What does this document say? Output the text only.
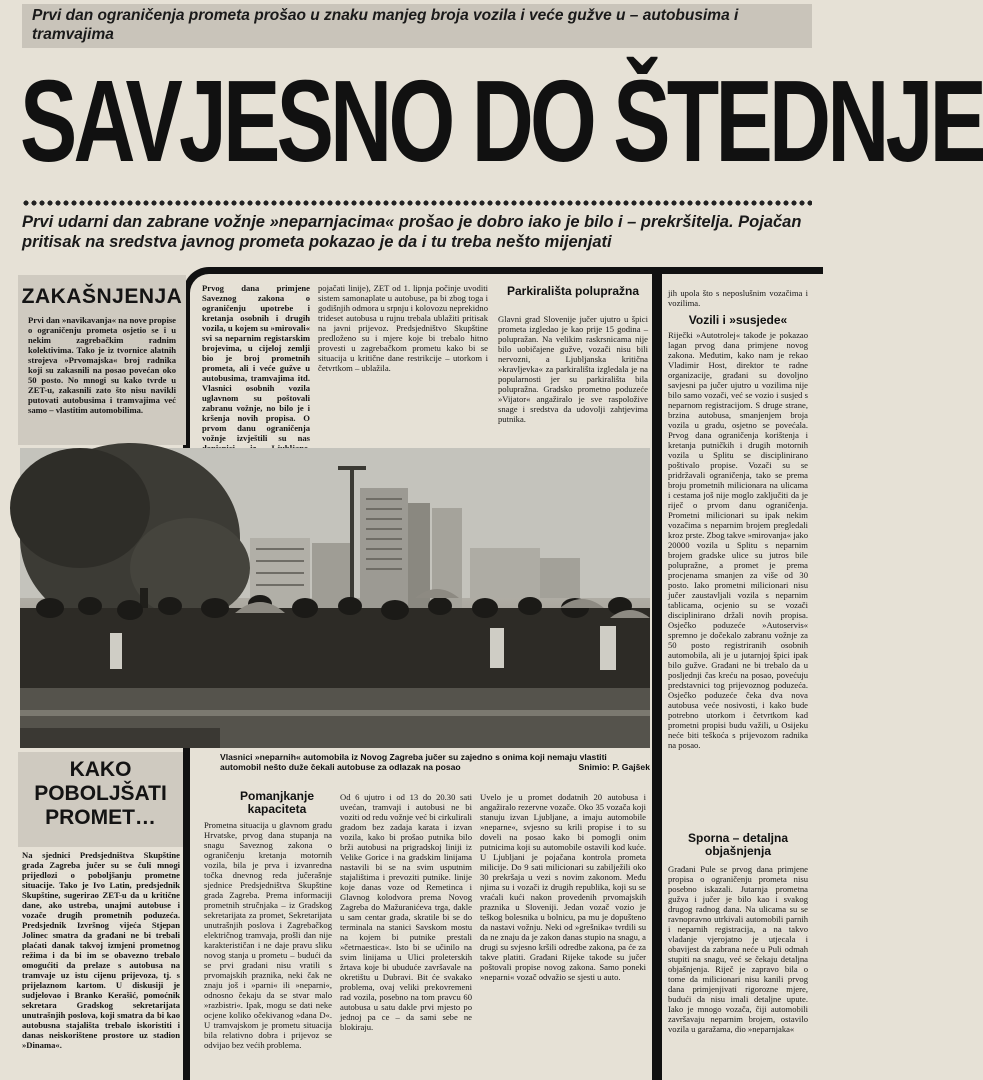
Prvi dan ograničenja prometa prošao u znaku manjeg broja vozila i veće gužve u – autobusima i tramvajima
SAVJESNO DO ŠTEDNJE
Prvi udarni dan zabrane vožnje »neparnjacima« prošao je dobro iako je bilo i – prekršitelja. Pojačan pritisak na sredstva javnog prometa pokazao je da i tu treba nešto mijenjati
ZAKAŠNJENJA
Prvi dan »navikavanja« na nove propise o ograničenju prometa osjetio se i u nekim zagrebačkim radnim kolektivima. Tako je iz tvornice alatnih strojeva »Prvomajska« broj radnika koji su zakasnili na posao povećan oko 50 posto. No mnogi su kako tvrde u ZET-u, zakasnili zato što nisu navikli putovati autobusima i tramvajima već samo – vlastitim automobilima.
Prvog dana primjene Saveznog zakona o ograničenju upotrebe i kretanja osobnih i drugih vozila, u kojem su »mirovali« svi sa neparnim registarskim brojevima, u cijeloj zemlji bio je broj prometnih prometa, ali i veće gužve u autobusima, tramvajima itd. Vlasnici osobnih vozila uglavnom su poštovali zabranu vožnje, no bilo je i kršenja novih propisa. O prvom danu ograničenja vožnje izvještili su nas
pojačati linije), ZET od 1. lipnja počinje uvoditi sistem samonaplate u autobuse, pa bi zbog toga i godišnjih odmora u srpnju i kolovozu neprekidno trideset autobusa u rujnu trebala ublažiti pritisak na javni prijevoz. Predsjedništvo Skupštine predloženo su i mjere koje bi trebalo hitno provesti u zagrebačkom prometu kako bi se situacija u kritične dane restrikcije – utorkom i četvrtkom – ublažila.
Parkirališta polupražna
Glavni grad Slovenije jučer ujutro u špici prometa izgledao je kao prije 15 godina – polupražan. Na velikim raskrsnicama nije bilo uobičajene gužve, vozači nisu bili nervozni, a Ljubljanska kritična »kravljevka« za parkirališta izgledala je na popularnosti jer su parkirališta bila polupražna. Gradsko prometno poduzeće »Vijator« angažiralo je sve raspoložive snage i sredstva da udovolji zahtjevima putnika.
jih upola što s neposlušnim vozačima i vozilima.
Vozili i »susjede«
Riječki »Autotrolej« takođe je pokazao lagan prvog dana primjene novog zakona. Međutim, kako nam je rekao Vladimir Host, direktor te radne organizacije, građani su dovoljno savjesni pa jučer ujutro u vozilima nije bilo samo vozači, već se vozio i susjed s neparnom registracijom. S druge strane, brzina autobusa, smanjenjem broja vozila u gradu, osjetno se povećala. Prvog dana ograničenja korištenja i kretanja putničkih i drugih motornih vozila u Splitu se disciplinirano poštivalo propise. Vozači su se pridržavali ograničenja, tako se prema broju prometnih milicionara na ulicama i cestama još nije moglo zaključiti da je riječ o prvom danu ograničenja. Prometni milicionari su ipak nekim vozačima s neparnim brojem pregledali kroz prste. Zbog takve »mirovanja« jako 20000 vozila u Splitu s neparnim brojem gradske ulice su jutros bile polupražne, a promet je prema procjenama smanjen za više od 30 posto. Iako prometni milicionari nisu jučer zaustavljali vozila s neparnim tablicama, ocjenio su se vozači disciplinirano držali novih propisa. Osječko poduzeće »Autoservis« spremno je dočekalo zabranu vožnje za 50 posto registriranih osobnih automobila, ali je u jutarnjoj špici ipak bilo gužve. Građani ne bi trebalo da u posljednji čas kreću na posao, povećuju predstavnici tog prijevoznog poduzeća. Osječko poduzeće čeka dva nova autobusa veće nosivosti, i kako bude potrebno utorkom i četvrtkom kad prometni propisi budu važili, u Osijeku neće biti teškoća s prijevozom radnika na posao.
Vlasnici »neparnih« automobila iz Novog Zagreba jučer su zajedno s onima koji nemaju vlastiti automobil nešto duže čekali autobuse za odlazak na posao	Snimio: P. Gajšek
KAKO POBOLJŠATI PROMET…
Na sjednici Predsjedništva Skupštine grada Zagreba jučer su se čuli mnogi prijedlozi o poboljšanju prometne situacije. Tako je Ivo Latin, predsjednik Skupštine, sugerirao ZET-u da u kritične dane, ako ustreba, unajmi autobuse i vozače drugih prometnih poduzeća. Predsjednik Izvršnog vijeća Stjepan Jolinec smatra da građani ne bi trebali plaćati danak takvoj izmjeni prometnog režima i da bi im se obavezno trebalo omogućiti da prelaze s autobusa na tramvaje uz istu cijenu prijevoza, tj. s prijelaznom kartom. U diskusiji je sudjelovao i Branko Kerašić, pomoćnik sekretara Gradskog sekretarijata unutrašnjih poslova, koji smatra da bi kao autobusna stajališta trebalo iskoristiti i danas neiskorištene prostore uz stadion »Dinama«.
Pomanjkanje kapaciteta
Prometna situacija u glavnom gradu Hrvatske, prvog dana stupanja na snagu Saveznog zakona o ograničenju kretanja motornih vozila, bila je prva i izvanredna točka dnevnog reda jučerašnje sjednice Predsjedništva Skupštine grada Zagreba. Prema informaciji prometnih stručnjaka – iz Gradskog sekretarijata za promet, Sekretarijata unutrašnjih poslova i Zagrebačkog električnog tramvaja, prošli dan nije karakterističan i ne daje pravu sliku novog stanja u prometu – budući da se prvi gradani nisu vratili s prvomajskih praznika, neki čak ne znaju još i »parni« ili »neparni«, odnosno čekaju da se stvar malo »razbistri«. Ipak, mogu se dati neke ocjene koliko očekivanog »dana D«. U tramvajskom je prometu situacija bila relativno dobra i prijevoz se odvijao bez većih problema.
Od 6 ujutro i od 13 do 20.30 sati uvećan, tramvaji i autobusi ne bi voziti od redu vožnje već bi cirkulirali gradom bez zadaja karata i izvan vozila, kako bi prošao putnika bilo brži autobusi na prigradskoj liniji iz Velike Gorice i na gradskim linijama nastavili bi se na svim usputnim stajalištima i prevoziti putnike. linije koje danas voze od Remetinca i Glavnog kolodvora prema Novog Zagreba do Mažuranićeva trga, dakle u sam centar grada, skratile bi se do terminala na stanici Savskom mostu na kojem bi putnike prestali »četrnaestica«. Isto bi se učinilo na svim linijama u Ulici proleterskih žrtava koje bi ubuduće završavale na okretištu u Dubravi. Bit će svakako problema, ovaj veliki prekovremeni rad vozila, posebno na tom pravcu 60 autobusa u satu dakle prvi mjesto po jednoj pa ce – da sami sebe ne blokiraju.
Uvelo je u promet dodatnih 20 autobusa i angažiralo rezervne vozače. Oko 35 vozača koji stanuju izvan Ljubljane, a imaju automobile »neparne«, svjesno su krili propise i to su doveli na posao kako bi pomogli onim putnicima koji su automobile ostavili kod kuće. U Ljubljani je pojačana kontrola prometa milicije. Do 9 sati milicionari su zabilježili oko 30 prekršaja u vezi s novim zakonom. Među njima su i vozači iz drugih republika, koji su se vraćali kući nakon provedenih prvomajskih praznika u Sloveniji. Jedan vozač vozio je teškog bolesnika u bolnicu, pa mu je dopušteno da nastavi vožnju. Neki od »grešnika« tvrdili su da ne znaju da je zakon danas stupio na snagu, a drugi su svjesno kršili odredbe zakona, pa će za takve platiti. Građani Rijeke takođe su jučer poštovali propise novog zakona. Samo poneki »neparni« vozač odvažio se sjesti u auto.
Sporna – detaljna objašnjenja
Građani Pule se prvog dana primjene propisa o ograničenju prometa nisu posebno iskazali. Jutarnja prometna gužva i jučer je bilo kao i svakog drugog radnog dana. Na ulicama su se ravnopravno utrkivali automobili parnih i neparnih registracija, a na takvo vladanje vjerojatno je utjecala i obavijest da zabrana neće u Puli odmah stupiti na snagu, već se čekaju detaljna objašnjenja. Riječ je zapravo bila o tome da milicionari nisu kanili prvog dana primjenjivati rigorozne mjere, budući da nisu imali detaljne upute. Iako je mnogo vozača, čiji automobili završavaju neparnim brojem, ostavilo vozila u garažama, dio »neparnjaka«
